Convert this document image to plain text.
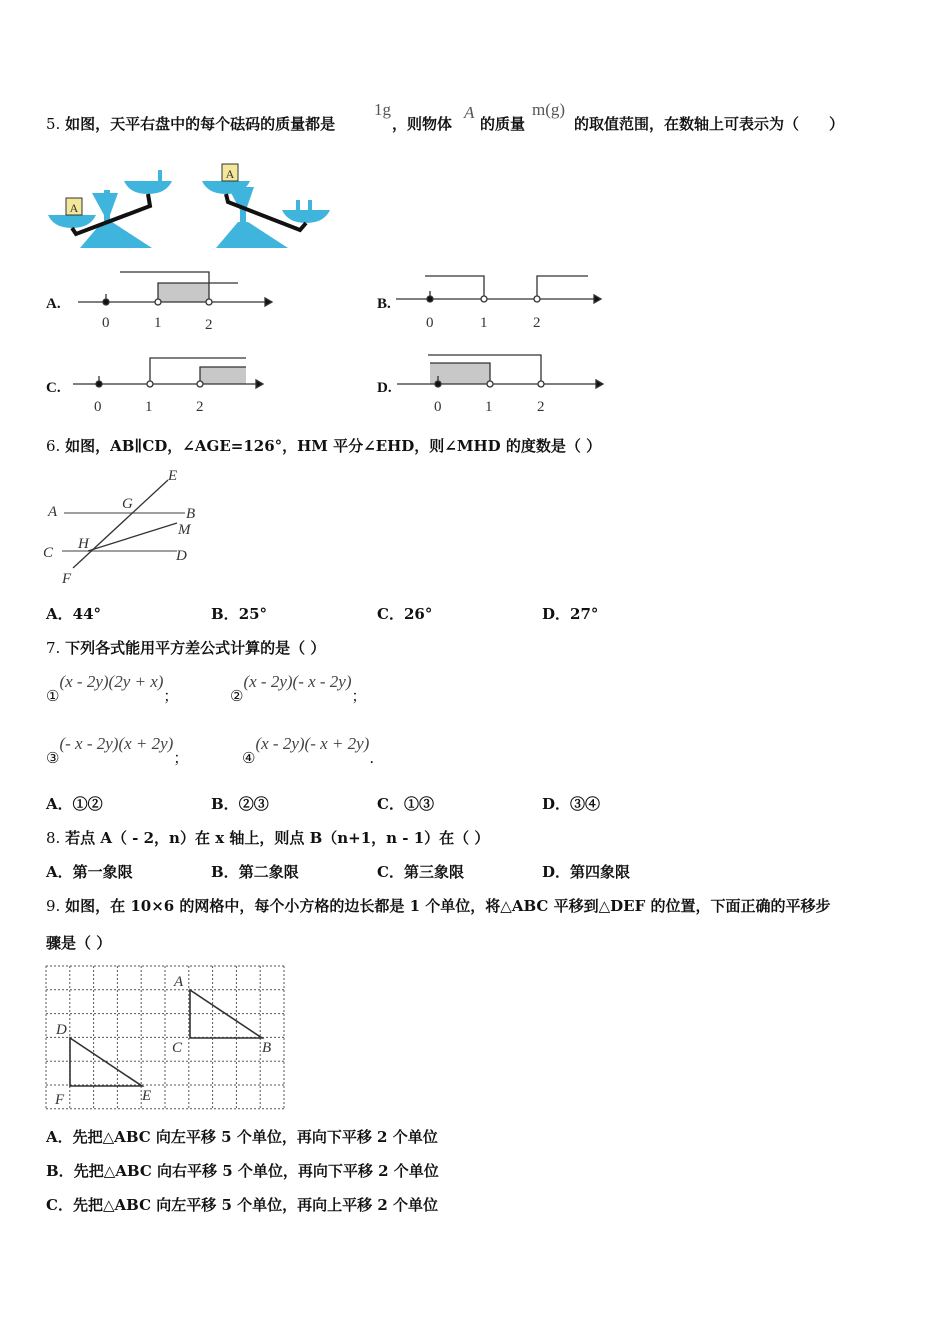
5. 如图，天平右盘中的每个砝码的质量都是
1g
，则物体
A
的质量
m(g)
的取值范围，在数轴上可表示为（　　）
A
A
0	1	2	0	1	2
0	1	2	0	1	2
A	B
C	D
E
F
G
H
M
A
B
C
D
E
F
A.	B.
C.	D.
6. 如图，AB∥CD，∠AGE=126°，HM 平分∠EHD，则∠MHD 的度数是（ ）
A．44°	B．25°	C．26°	D．27°
7. 下列各式能用平方差公式计算的是（ ）
①(x - 2y)(2y + x)；	②(x - 2y)(- x - 2y)；
③(- x - 2y)(x + 2y)；	④(x - 2y)(- x + 2y).
A．①②	B．②③	C．①③	D．③④
8. 若点 A（ - 2，n）在 x 轴上，则点 B（n+1，n - 1）在（ ）
A．第一象限	B．第二象限	C．第三象限	D．第四象限
9. 如图，在 10×6 的网格中，每个小方格的边长都是 1 个单位，将△ABC 平移到△DEF 的位置，下面正确的平移步
骤是（ ）
A．先把△ABC 向左平移 5 个单位，再向下平移 2 个单位
B．先把△ABC 向右平移 5 个单位，再向下平移 2 个单位
C．先把△ABC 向左平移 5 个单位，再向上平移 2 个单位
